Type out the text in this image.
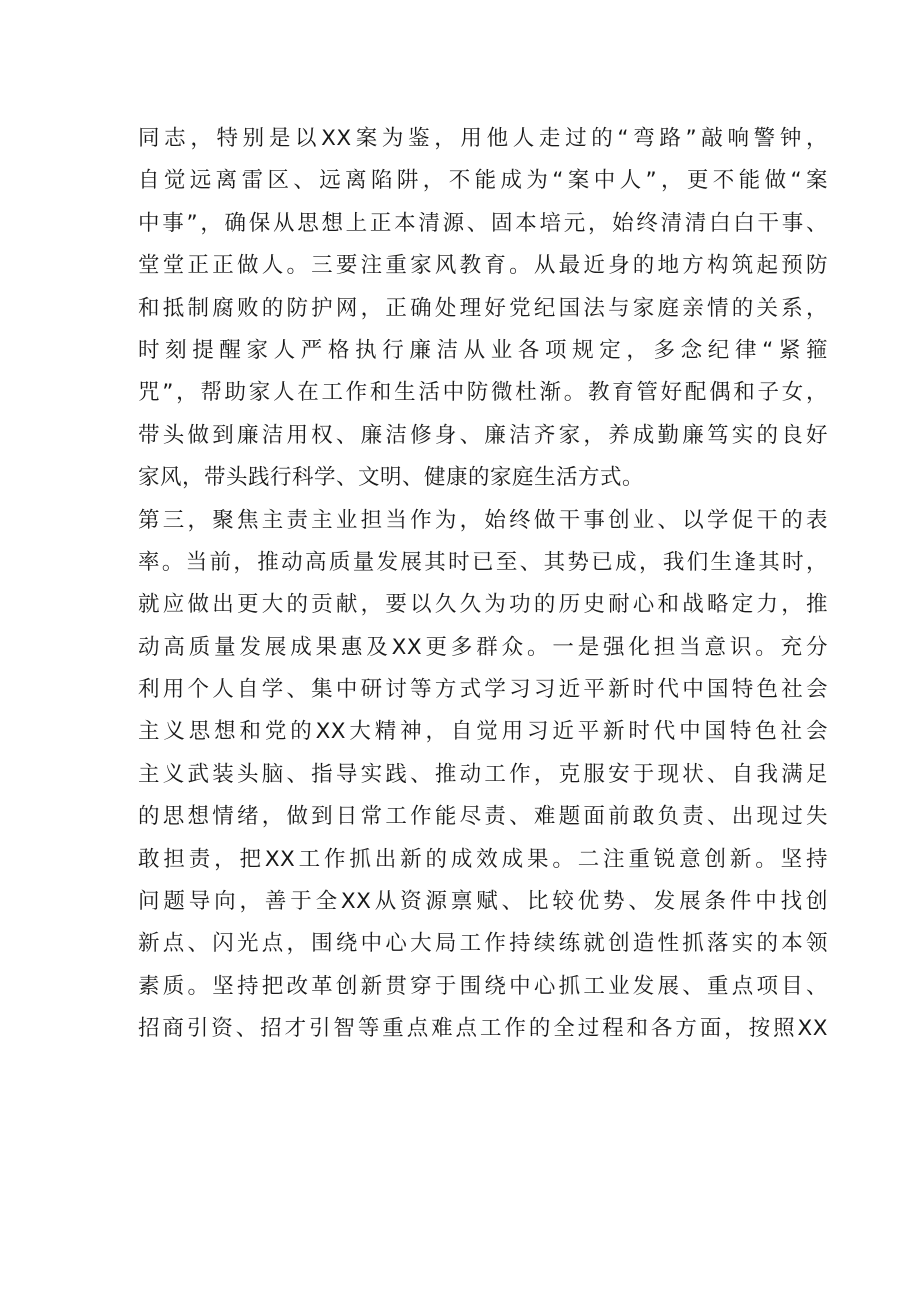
同志，特别是以XX案为鉴，用他人走过的“弯路”敲响警钟，
自觉远离雷区、远离陷阱，不能成为“案中人”，更不能做“案
中事”，确保从思想上正本清源、固本培元，始终清清白白干事、
堂堂正正做人。三要注重家风教育。从最近身的地方构筑起预防
和抵制腐败的防护网，正确处理好党纪国法与家庭亲情的关系，
时刻提醒家人严格执行廉洁从业各项规定，多念纪律“紧箍
咒”，帮助家人在工作和生活中防微杜渐。教育管好配偶和子女，
带头做到廉洁用权、廉洁修身、廉洁齐家，养成勤廉笃实的良好
家风，带头践行科学、文明、健康的家庭生活方式。
第三，聚焦主责主业担当作为，始终做干事创业、以学促干的表
率。当前，推动高质量发展其时已至、其势已成，我们生逢其时，
就应做出更大的贡献，要以久久为功的历史耐心和战略定力，推
动高质量发展成果惠及XX更多群众。一是强化担当意识。充分
利用个人自学、集中研讨等方式学习习近平新时代中国特色社会
主义思想和党的XX大精神，自觉用习近平新时代中国特色社会
主义武装头脑、指导实践、推动工作，克服安于现状、自我满足
的思想情绪，做到日常工作能尽责、难题面前敢负责、出现过失
敢担责，把XX工作抓出新的成效成果。二注重锐意创新。坚持
问题导向，善于全XX从资源禀赋、比较优势、发展条件中找创
新点、闪光点，围绕中心大局工作持续练就创造性抓落实的本领
素质。坚持把改革创新贯穿于围绕中心抓工业发展、重点项目、
招商引资、招才引智等重点难点工作的全过程和各方面，按照XX
